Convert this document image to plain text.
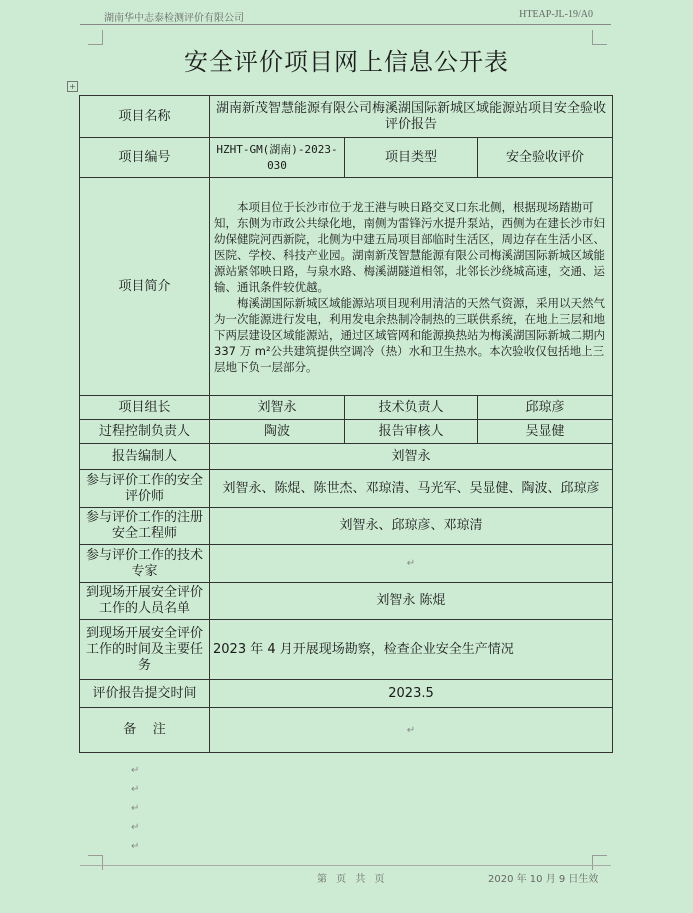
湖南华中志泰检测评价有限公司	HTEAP-JL-19/A0
安全评价项目网上信息公开表
+
项目名称	湖南新茂智慧能源有限公司梅溪湖国际新城区域能源站项目安全验收评价报告		
项目编号	HZHT-GM(湖南)-2023-030	项目类型	安全验收评价
项目简介	本项目位于长沙市位于龙王港与映日路交叉口东北侧，根据现场踏勘可知，东侧为市政公共绿化地，南侧为雷锋污水提升泵站，西侧为在建长沙市妇幼保健院河西新院，北侧为中建五局项目部临时生活区，周边存在生活小区、医院、学校、科技产业园。湖南新茂智慧能源有限公司梅溪湖国际新城区域能源站紧邻映日路，与泉水路、梅溪湖隧道相邻，北邻长沙绕城高速，交通、运输、通讯条件较优越。

梅溪湖国际新城区域能源站项目现利用清洁的天然气资源，采用以天然气为一次能源进行发电，利用发电余热制冷制热的三联供系统，在地上三层和地下两层建设区域能源站，通过区域管网和能源换热站为梅溪湖国际新城二期内 337 万 m²公共建筑提供空调冷（热）水和卫生热水。本次验收仅包括地上三层地下负一层部分。		

项目组长	刘智永	技术负责人	邱琼彦
过程控制负责人	陶波	报告审核人	吴显健
报告编制人	刘智永		
参与评价工作的安全评价师	刘智永、陈焜、陈世杰、邓琼清、马光军、吴显健、陶波、邱琼彦		
参与评价工作的注册安全工程师	刘智永、邱琼彦、邓琼清		
参与评价工作的技术专家	↵		
到现场开展安全评价工作的人员名单	刘智永 陈焜		
到现场开展安全评价工作的时间及主要任务	2023 年 4 月开展现场勘察，检查企业安全生产情况		
评价报告提交时间	2023.5		
备    注	↵		
↵
↵
↵
↵
↵
第 页 共 页	2020 年 10 月 9 日生效
